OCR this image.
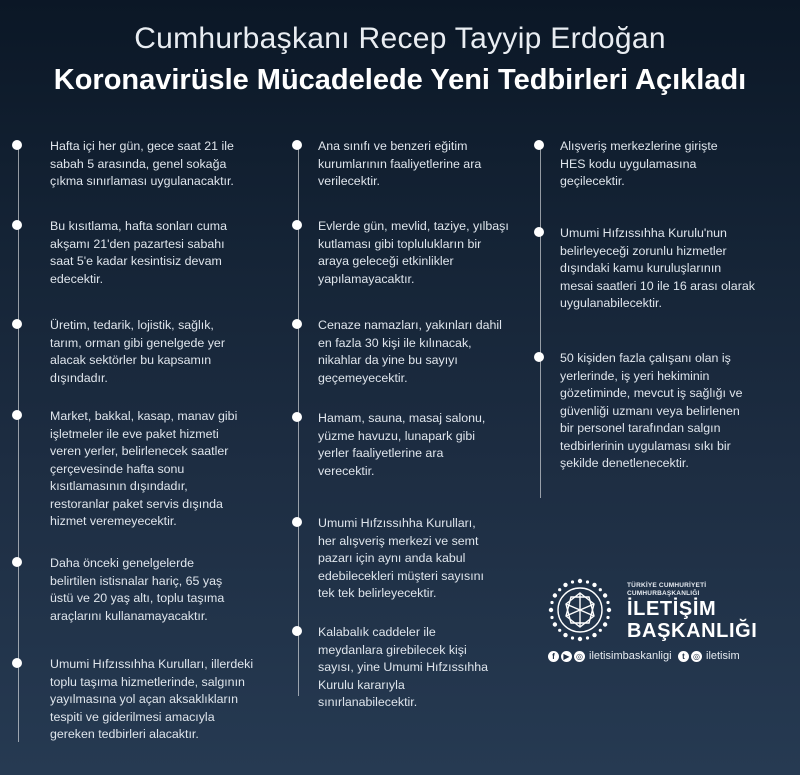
Cumhurbaşkanı Recep Tayyip Erdoğan
Koronavirüsle Mücadelede Yeni Tedbirleri Açıkladı
Hafta içi her gün, gece saat 21 ile
sabah 5 arasında, genel sokağa
çıkma sınırlaması uygulanacaktır.
Bu kısıtlama, hafta sonları cuma
akşamı 21'den pazartesi sabahı
saat 5'e kadar kesintisiz devam
edecektir.
Üretim, tedarik, lojistik, sağlık,
tarım, orman gibi genelgede yer
alacak sektörler bu kapsamın
dışındadır.
Market, bakkal, kasap, manav gibi
işletmeler ile eve paket hizmeti
veren yerler, belirlenecek saatler
çerçevesinde hafta sonu
kısıtlamasının dışındadır,
restoranlar paket servis dışında
hizmet veremeyecektir.
Daha önceki genelgelerde
belirtilen istisnalar hariç, 65 yaş
üstü ve 20 yaş altı, toplu taşıma
araçlarını kullanamayacaktır.
Umumi Hıfzıssıhha Kurulları, illerdeki
toplu taşıma hizmetlerinde, salgının
yayılmasına yol açan aksaklıkların
tespiti ve giderilmesi amacıyla
gereken tedbirleri alacaktır.
Ana sınıfı ve benzeri eğitim
kurumlarının faaliyetlerine ara
verilecektir.
Evlerde gün, mevlid, taziye, yılbaşı
kutlaması gibi toplulukların bir
araya geleceği etkinlikler
yapılamayacaktır.
Cenaze namazları, yakınları dahil
en fazla 30 kişi ile kılınacak,
nikahlar da yine bu sayıyı
geçemeyecektir.
Hamam, sauna, masaj salonu,
yüzme havuzu, lunapark gibi
yerler faaliyetlerine ara
verecektir.
Umumi Hıfzıssıhha Kurulları,
her alışveriş merkezi ve semt
pazarı için aynı anda kabul
edebilecekleri müşteri sayısını
tek tek belirleyecektir.
Kalabalık caddeler ile
meydanlara girebilecek kişi
sayısı, yine Umumi Hıfzıssıhha
Kurulu kararıyla
sınırlanabilecektir.
Alışveriş merkezlerine girişte
HES kodu uygulamasına
geçilecektir.
Umumi Hıfzıssıhha Kurulu'nun
belirleyeceği zorunlu hizmetler
dışındaki kamu kuruluşlarının
mesai saatleri 10 ile 16 arası olarak
uygulanabilecektir.
50 kişiden fazla çalışanı olan iş
yerlerinde, iş yeri hekiminin
gözetiminde, mevcut iş sağlığı ve
güvenliği uzmanı veya belirlenen
bir personel tarafından salgın
tedbirlerinin uygulaması sıkı bir
şekilde denetlenecektir.
TÜRKİYE CUMHURİYETİ
CUMHURBAŞKANLIĞI
İLETİŞİM
BAŞKANLIĞI
f	▶ ◎ iletisimbaskanligi	t	◎ iletisim
